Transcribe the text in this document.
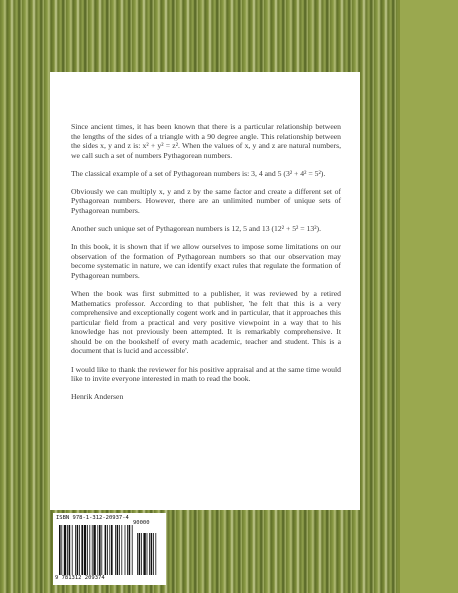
Since ancient times, it has been known that there is a particular relationship between the lengths of the sides of a triangle with a 90 degree angle. This relationship between the sides x, y and z is: x² + y² = z². When the values of x, y and z are natural numbers, we call such a set of numbers Pythagorean numbers.

The classical example of a set of Pythagorean numbers is: 3, 4 and 5 (3² + 4² = 5²).

Obviously we can multiply x, y and z by the same factor and create a different set of Pythagorean numbers. However, there are an unlimited number of unique sets of Pythagorean numbers.

Another such unique set of Pythagorean numbers is 12, 5 and 13 (12² + 5² = 13²).

In this book, it is shown that if we allow ourselves to impose some limitations on our observation of the formation of Pythagorean numbers so that our observation may become systematic in nature, we can identify exact rules that regulate the formation of Pythagorean numbers.

When the book was first submitted to a publisher, it was reviewed by a retired Mathematics professor. According to that publisher, 'he felt that this is a very comprehensive and exceptionally cogent work and in particular, that it approaches this particular field from a practical and very positive viewpoint in a way that to his knowledge has not previously been attempted. It is remarkably comprehensive. It should be on the bookshelf of every math academic, teacher and student. This is a document that is lucid and accessible'.

I would like to thank the reviewer for his positive appraisal and at the same time would like to invite everyone interested in math to read the book.

Henrik Andersen

ISBN 978-1-312-20937-4
90000
9 781312 209374
